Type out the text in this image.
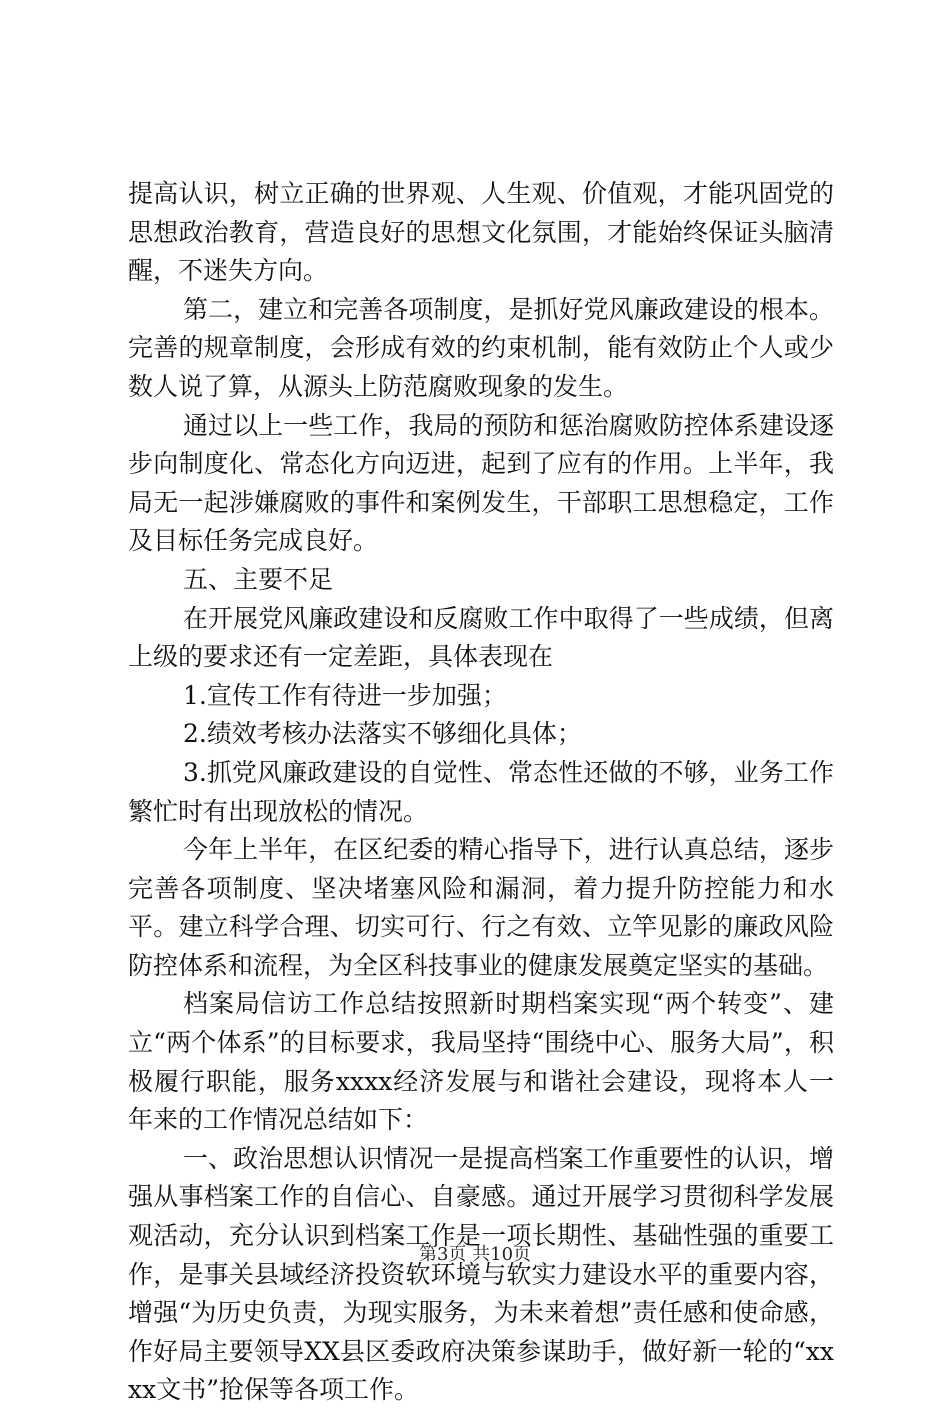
提高认识，树立正确的世界观、人生观、价值观，才能巩固党的思想政治教育，营造良好的思想文化氛围，才能始终保证头脑清醒，不迷失方向。

第二，建立和完善各项制度，是抓好党风廉政建设的根本。完善的规章制度，会形成有效的约束机制，能有效防止个人或少数人说了算，从源头上防范腐败现象的发生。

通过以上一些工作，我局的预防和惩治腐败防控体系建设逐步向制度化、常态化方向迈进，起到了应有的作用。上半年，我局无一起涉嫌腐败的事件和案例发生，干部职工思想稳定，工作及目标任务完成良好。

五、主要不足

在开展党风廉政建设和反腐败工作中取得了一些成绩，但离上级的要求还有一定差距，具体表现在

1.宣传工作有待进一步加强；

2.绩效考核办法落实不够细化具体；

3.抓党风廉政建设的自觉性、常态性还做的不够，业务工作繁忙时有出现放松的情况。

今年上半年，在区纪委的精心指导下，进行认真总结，逐步完善各项制度、坚决堵塞风险和漏洞，着力提升防控能力和水平。建立科学合理、切实可行、行之有效、立竿见影的廉政风险防控体系和流程，为全区科技事业的健康发展奠定坚实的基础。

档案局信访工作总结按照新时期档案实现“两个转变”、建立“两个体系”的目标要求，我局坚持“围绕中心、服务大局”，积极履行职能，服务xxxx经济发展与和谐社会建设，现将本人一年来的工作情况总结如下：

一、政治思想认识情况一是提高档案工作重要性的认识，增强从事档案工作的自信心、自豪感。通过开展学习贯彻科学发展观活动，充分认识到档案工作是一项长期性、基础性强的重要工作，是事关县域经济投资软环境与软实力建设水平的重要内容，增强“为历史负责，为现实服务，为未来着想”责任感和使命感，作好局主要领导XX县区委政府决策参谋助手，做好新一轮的“xxxx文书”抢保等各项工作。

第3页 共10页
